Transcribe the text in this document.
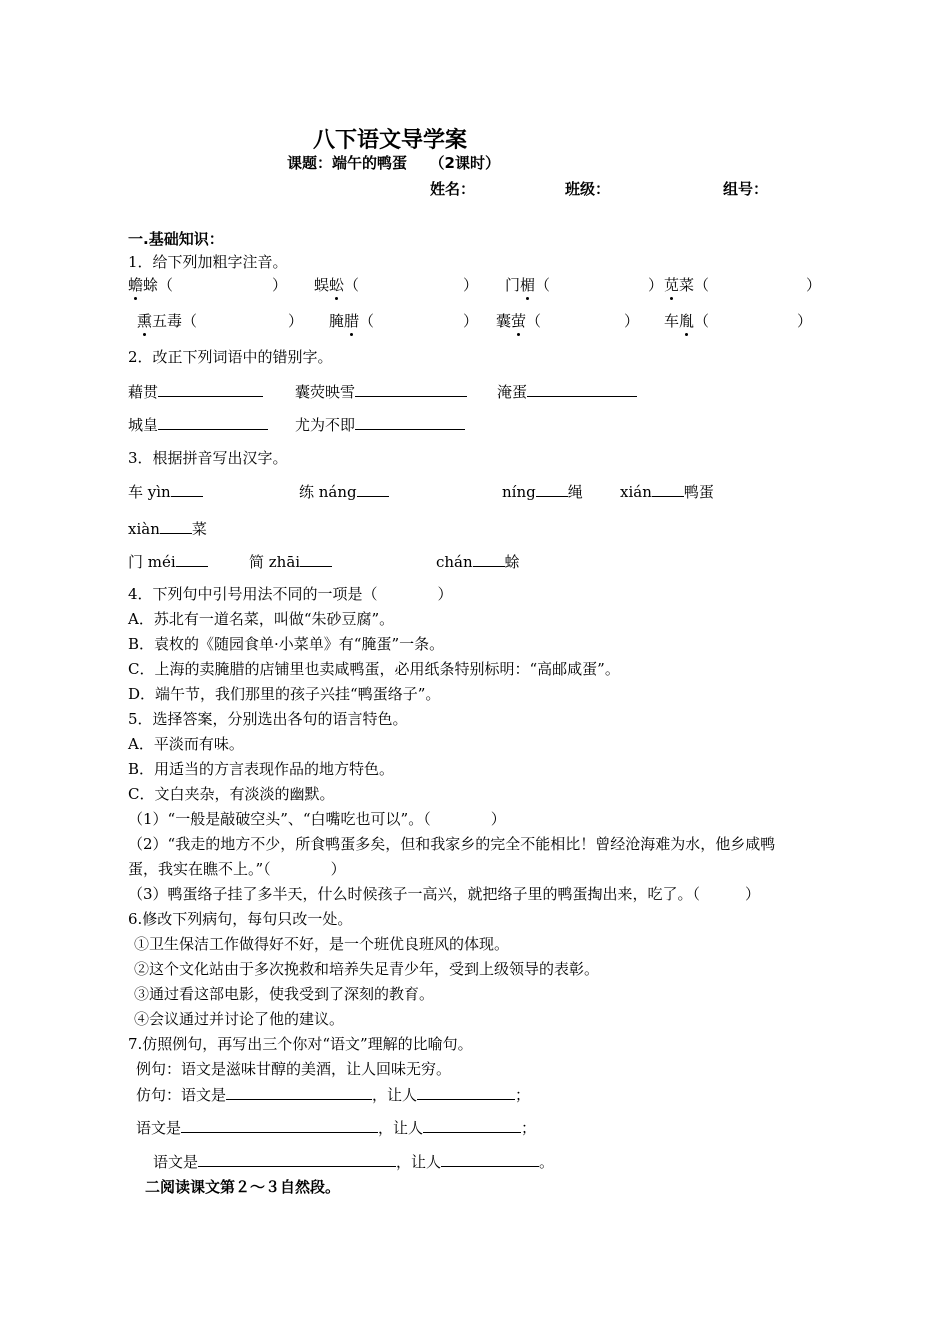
八下语文导学案
课题：端午的鸭蛋　　（2课时）
姓名：	班级：	组号：
一.基础知识：
1．给下列加粗字注音。
蟾蜍（	） 蜈蚣（	） 门楣（	） 苋菜（	）
熏五毒（	） 腌腊（	） 囊萤（	） 车胤（	）
2．改正下列词语中的错别字。
藉贯	囊荧映雪	淹蛋
城皇	尤为不即
3．根据拼音写出汉字。
车 yìn	练 náng	níng 绳 xián 鸭蛋
xiàn 菜
门 méi	简 zhāi	chán 蜍
4．下列句中引号用法不同的一项是（　　　　）
A．苏北有一道名菜，叫做“朱砂豆腐”。
B．袁枚的《随园食单·小菜单》有“腌蛋”一条。
C．上海的卖腌腊的店铺里也卖咸鸭蛋，必用纸条特别标明：“高邮咸蛋”。
D．端午节，我们那里的孩子兴挂“鸭蛋络子”。
5．选择答案，分别选出各句的语言特色。
A．平淡而有味。
B．用适当的方言表现作品的地方特色。
C．文白夹杂，有淡淡的幽默。
（1）“一般是敲破空头”、“白嘴吃也可以”。（　　　　）
（2）“我走的地方不少，所食鸭蛋多矣，但和我家乡的完全不能相比！曾经沧海难为水，他乡咸鸭
蛋，我实在瞧不上。”（　　　　）
（3）鸭蛋络子挂了多半天，什么时候孩子一高兴，就把络子里的鸭蛋掏出来，吃了。（　　　）
6.修改下列病句，每句只改一处。
①卫生保洁工作做得好不好，是一个班优良班风的体现。
②这个文化站由于多次挽救和培养失足青少年，受到上级领导的表彰。
③通过看这部电影，使我受到了深刻的教育。
④会议通过并讨论了他的建议。
7.仿照例句，再写出三个你对“语文”理解的比喻句。
例句：语文是滋味甘醇的美酒，让人回味无穷。
仿句：语文是	，让人	；
语文是	，让人	；
语文是	，让人	。
二阅读课文第２～３自然段。
